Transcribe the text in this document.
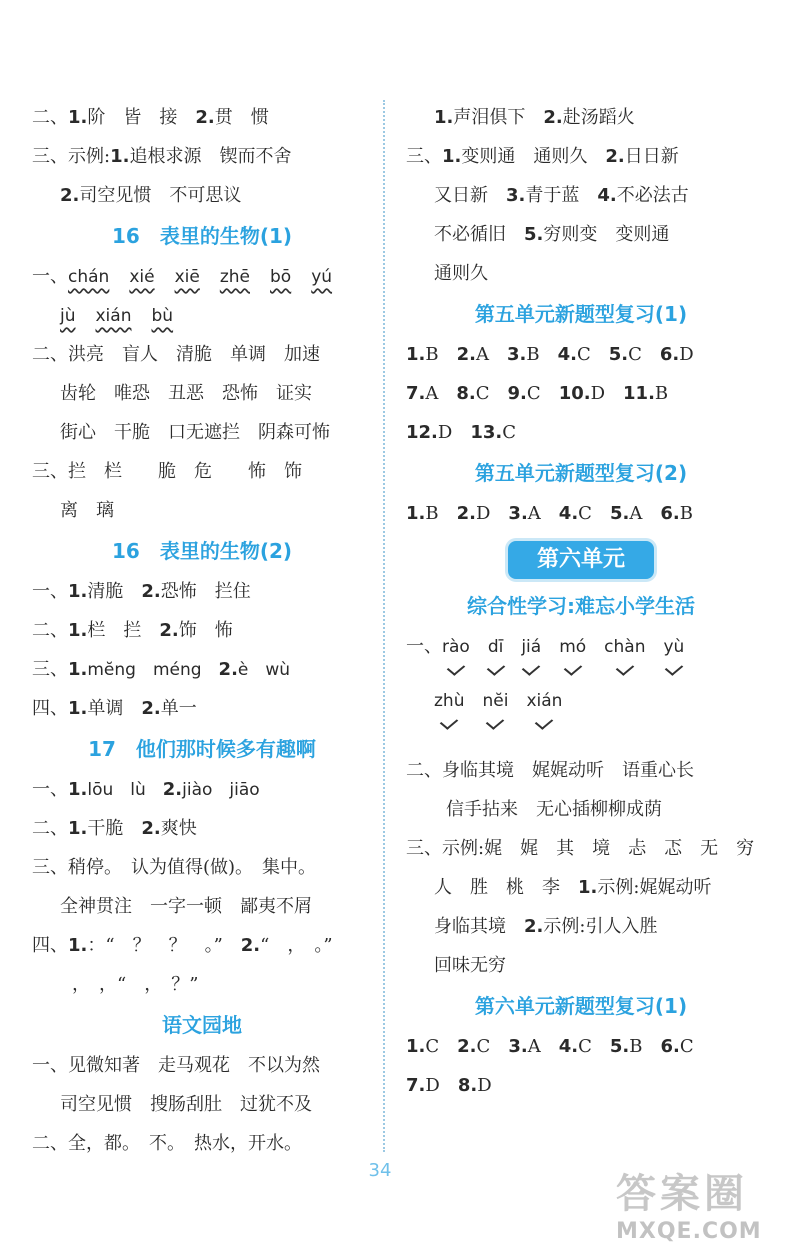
二、1.阶　皆　接　2.贯　惯
三、示例:1.追根求源　锲而不舍
2.司空见惯　不可思议
16　表里的生物(1)
一、chán xié xiē zhē bō yú
jù xián bù
二、洪亮　盲人　清脆　单调　加速
齿轮　唯恐　丑恶　恐怖　证实
街心　干脆　口无遮拦　阴森可怖
三、拦　栏　　脆　危　　怖　饰
离　璃
16　表里的生物(2)
一、1.清脆　2.恐怖　拦住
二、1.栏　拦　2.饰　怖
三、1.mĕng　méng　2.è　wù
四、1.单调　2.单一
17　他们那时候多有趣啊
一、1.lōu　lù　2.jiào　jiāo
二、1.干脆　2.爽快
三、稍停。　认为值得(做)。　集中。
全神贯注　一字一顿　鄙夷不屑
四、1.：“　？　？　。”　2.“　，　。”
，　，“　，　？”
语文园地
一、见微知著　走马观花　不以为然
司空见惯　搜肠刮肚　过犹不及
二、全，都。　不。　热水，开水。
1.声泪俱下　2.赴汤蹈火
三、1.变则通　通则久　2.日日新
又日新　3.青于蓝　4.不必法古
不必循旧　5.穷则变　变则通
通则久
第五单元新题型复习(1)
1.B　 2.A　 3.B　 4.C　 5.C　 6.D
7.A　 8.C　 9.C　 10.D　 11.B
12.D　 13.C
第五单元新题型复习(2)
1.B　 2.D　 3.A　 4.C　 5.A　 6.B
第六单元
综合性学习:难忘小学生活
一、rào dī jiá mó chàn yù
zhù nĕi xián
二、身临其境　娓娓动听　语重心长
信手拈来　无心插柳柳成荫
三、示例:娓　娓　其　境　忐　忑　无　穷
人　胜　桃　李　1.示例:娓娓动听
身临其境　2.示例:引人入胜
回味无穷
第六单元新题型复习(1)
1.C　 2.C　 3.A　 4.C　 5.B　 6.C
7.D　 8.D
34
答案圈
MXQE.COM
